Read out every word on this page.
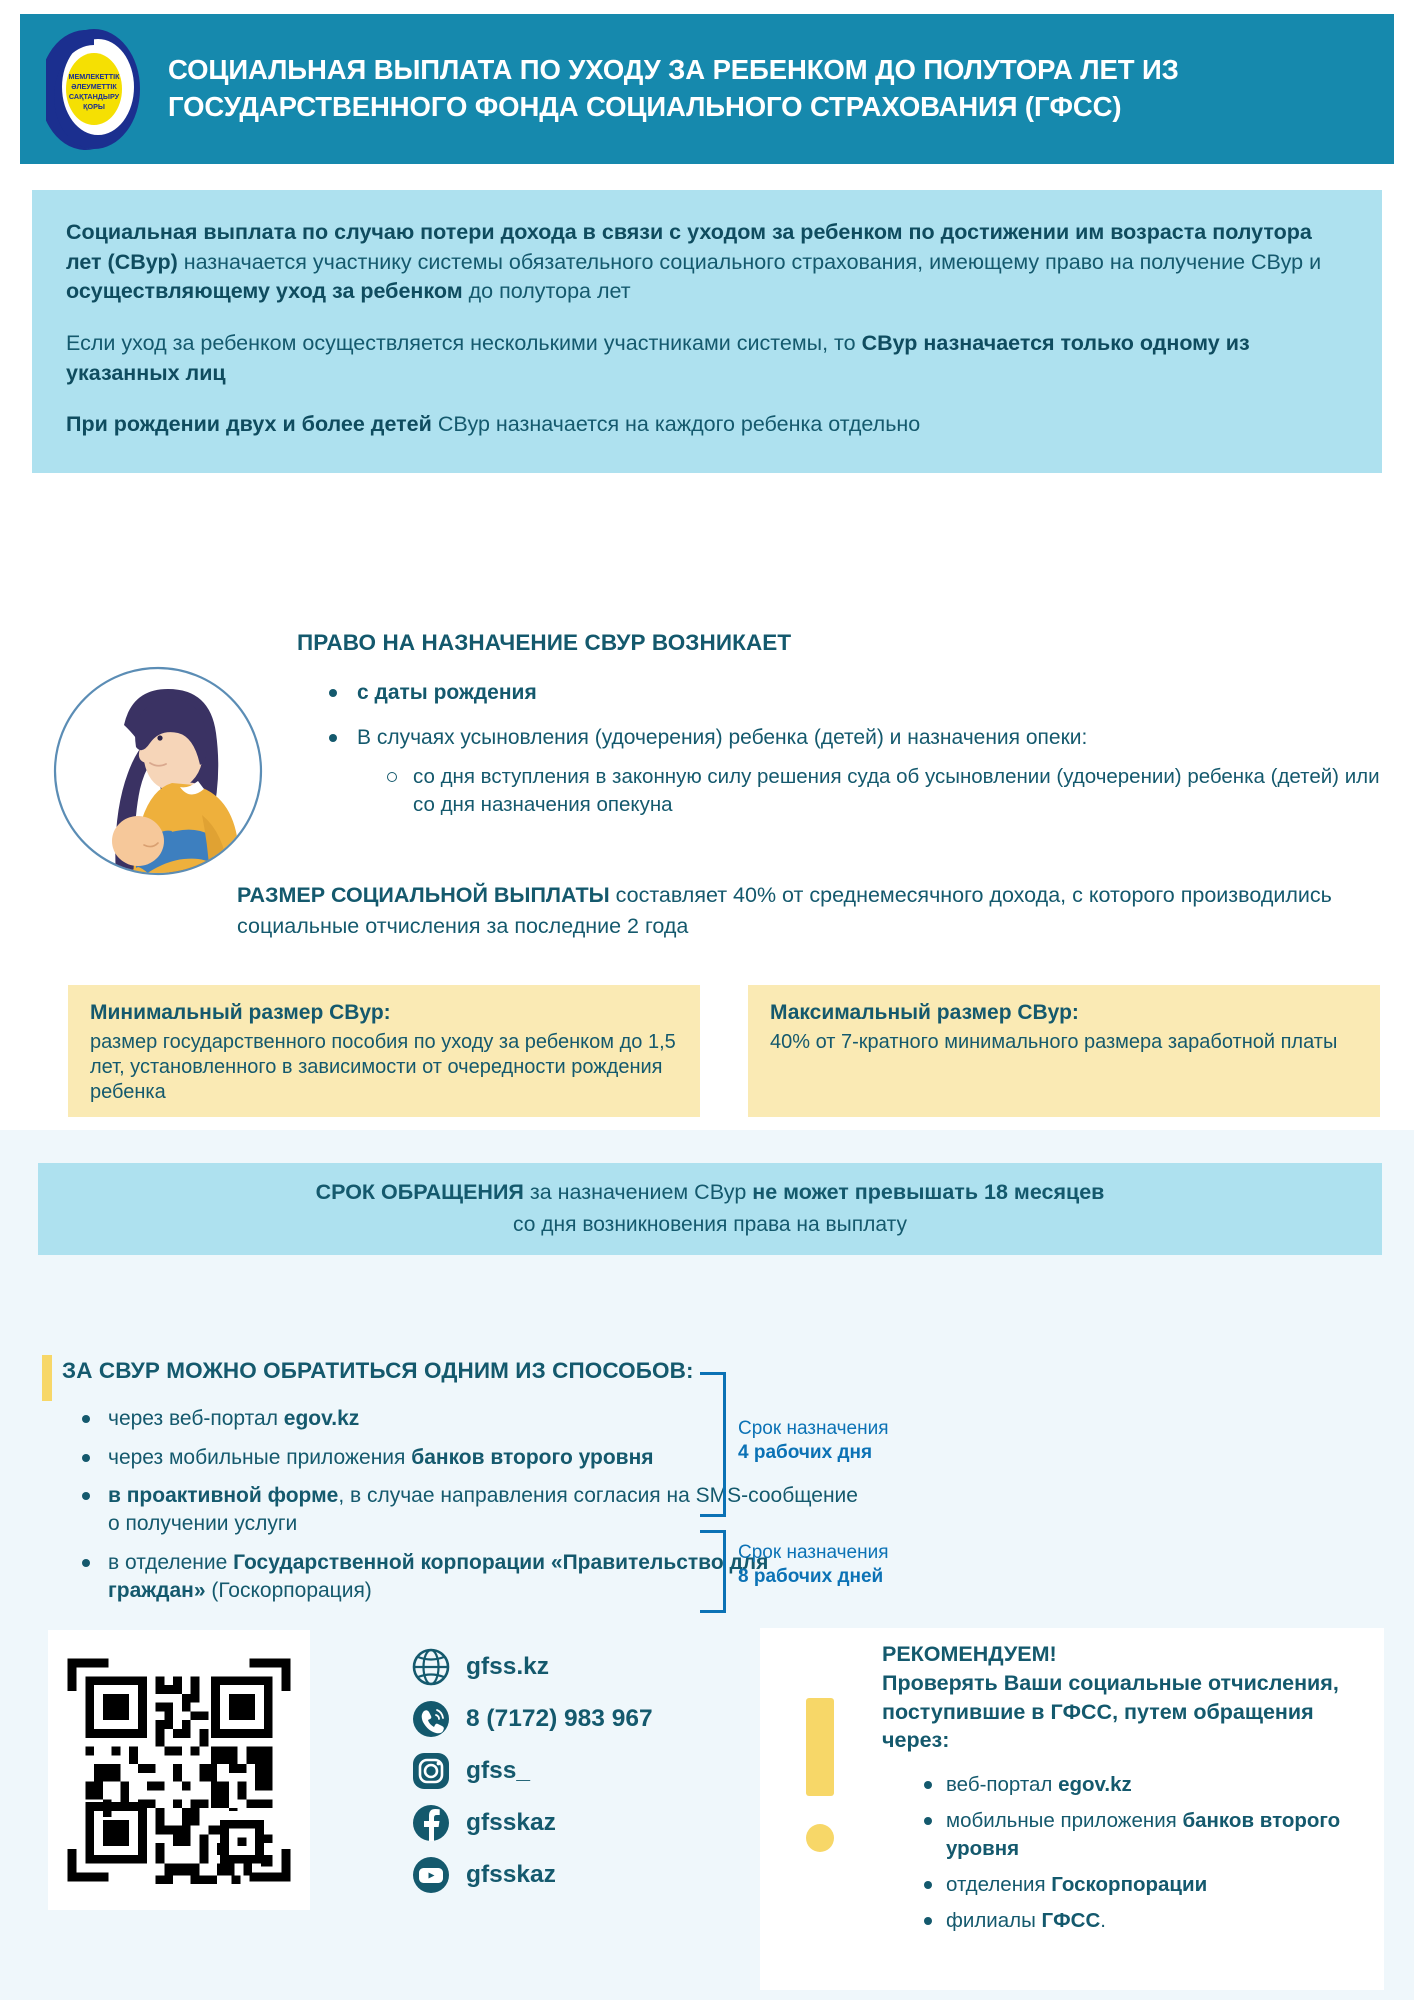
МЕМЛЕКЕТТІК
ӘЛЕУМЕТТІК
САҚТАНДЫРУ
ҚОРЫ
СОЦИАЛЬНАЯ ВЫПЛАТА ПО УХОДУ ЗА РЕБЕНКОМ ДО ПОЛУТОРА ЛЕТ ИЗ ГОСУДАРСТВЕННОГО ФОНДА СОЦИАЛЬНОГО СТРАХОВАНИЯ (ГФСС)

Социальная выплата по случаю потери дохода в связи с уходом за ребенком по достижении им возраста полутора лет (СВур) назначается участнику системы обязательного социального страхования, имеющему право на получение СВур и осуществляющему уход за ребенком до полутора лет

Если уход за ребенком осуществляется несколькими участниками системы, то СВур назначается только одному из указанных лиц

При рождении двух и более детей СВур назначается на каждого ребенка отдельно

ПРАВО НА НАЗНАЧЕНИЕ СВУР ВОЗНИКАЕТ
с даты рождения
В случаях усыновления (удочерения) ребенка (детей) и назначения опеки:
со дня вступления в законную силу решения суда об усыновлении (удочерении) ребенка (детей) или со дня назначения опекуна
РАЗМЕР СОЦИАЛЬНОЙ ВЫПЛАТЫ составляет 40% от среднемесячного дохода, с которого производились социальные отчисления за последние 2 года
Минимальный размер СВур:
размер государственного пособия по уходу за ребенком до 1,5 лет, установленного в зависимости от очередности рождения ребенка
Максимальный размер СВур:
40% от 7-кратного минимального размера заработной платы
СРОК ОБРАЩЕНИЯ за назначением СВур не может превышать 18 месяцев
со дня возникновения права на выплату
ЗА СВУР МОЖНО ОБРАТИТЬСЯ ОДНИМ ИЗ СПОСОБОВ:
через веб-портал egov.kz
через мобильные приложения банков второго уровня
в проактивной форме, в случае направления согласия на SMS-сообщение о получении услуги
в отделение Государственной корпорации «Правительство для граждан» (Госкорпорация)
Срок назначения
4 рабочих дня
Срок назначения
8 рабочих дней
gfss.kz
8 (7172) 983 967
gfss_
gfsskaz
gfsskaz
РЕКОМЕНДУЕМ!
Проверять Ваши социальные отчисления, поступившие в ГФСС, путем обращения через:
веб-портал egov.kz
мобильные приложения банков второго уровня
отделения Госкорпорации
филиалы ГФСС.
